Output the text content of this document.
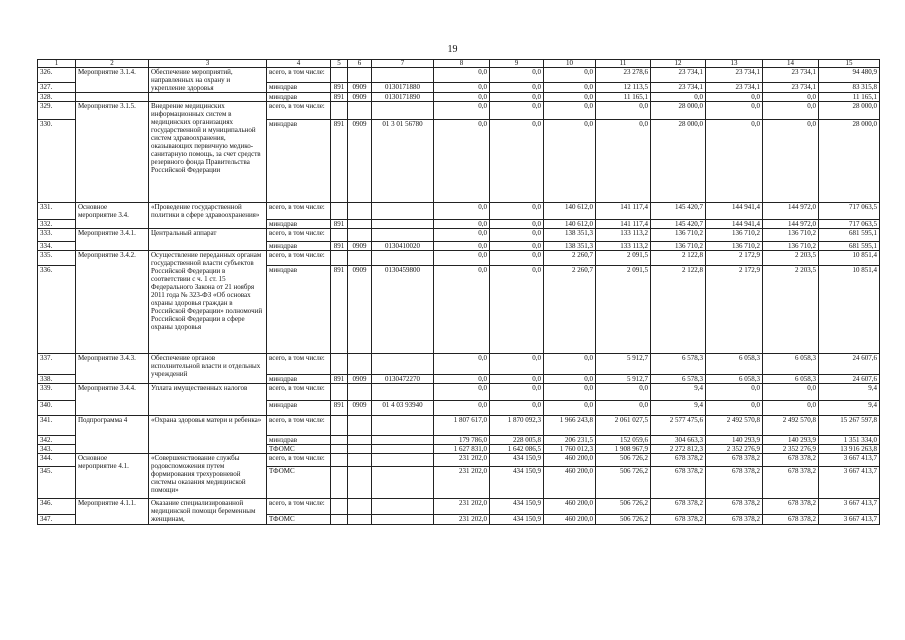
19
1	2	3	4	5	6	7	8	9	10	11	12	13	14	15
326.	Мероприятие 3.1.4.	Обеспечение мероприятий, направленных на охрану и укрепление здоровья	всего, в том числе:				0,0	0,0	0,0	23 278,6	23 734,1	23 734,1	23 734,1	94 480,9
327.			минздрав	891	0909	0130171880	0,0	0,0	0,0	12 113,5	23 734,1	23 734,1	23 734,1	83 315,8
328.			минздрав	891	0909	0130171890	0,0	0,0	0,0	11 165,1	0,0	0,0	0,0	11 165,1
329.	Мероприятие 3.1.5.	Внедрение медицинских информационных систем в медицинских организациях государственной и муниципальной систем здравоохранения, оказывающих первичную медико-санитарную помощь, за счет средств резервного фонда Правительства Российской Федерации	всего, в том числе:				0,0	0,0	0,0	0,0	28 000,0	0,0	0,0	28 000,0
330.			минздрав	891	0909	01 3 01 56780	0,0	0,0	0,0	0,0	28 000,0	0,0	0,0	28 000,0
331.	Основное мероприятие 3.4.	«Проведение государственной политики в сфере здравоохранения»	всего, в том числе:				0,0	0,0	140 612,0	141 117,4	145 420,7	144 941,4	144 972,0	717 063,5
332.			минздрав	891			0,0	0,0	140 612,0	141 117,4	145 420,7	144 941,4	144 972,0	717 063,5
333.	Мероприятие 3.4.1.	Центральный аппарат	всего, в том числе:				0,0	0,0	138 351,3	133 113,2	136 710,2	136 710,2	136 710,2	681 595,1
334.			минздрав	891	0909	0130410020	0,0	0,0	138 351,3	133 113,2	136 710,2	136 710,2	136 710,2	681 595,1
335.	Мероприятие 3.4.2.	Осуществление переданных органам государственной власти субъектов Российской Федерации в соответствии с ч. 1 ст. 15 Федерального Закона от 21 ноября 2011 года № 323-ФЗ «Об основах охраны здоровья граждан в Российской Федерации» полномочий Российской Федерации в сфере охраны здоровья	всего, в том числе:				0,0	0,0	2 260,7	2 091,5	2 122,8	2 172,9	2 203,5	10 851,4
336.			минздрав	891	0909	0130459800	0,0	0,0	2 260,7	2 091,5	2 122,8	2 172,9	2 203,5	10 851,4
337.	Мероприятие 3.4.3.	Обеспечение органов исполнительной власти и отдельных учреждений	всего, в том числе:				0,0	0,0	0,0	5 912,7	6 578,3	6 058,3	6 058,3	24 607,6
338.			минздрав	891	0909	0130472270	0,0	0,0	0,0	5 912,7	6 578,3	6 058,3	6 058,3	24 607,6
339.	Мероприятие 3.4.4.	Уплата имущественных налогов	всего, в том числе:				0,0	0,0	0,0	0,0	9,4	0,0	0,0	9,4
340.			минздрав	891	0909	01 4 03 93940	0,0	0,0	0,0	0,0	9,4	0,0	0,0	9,4
341.	Подпрограмма 4	«Охрана здоровья матери и ребенка»	всего, в том числе:				1 807 617,0	1 870 092,3	1 966 243,8	2 061 027,5	2 577 475,6	2 492 570,8	2 492 570,8	15 267 597,8
342.			минздрав				179 786,0	228 005,8	206 231,5	152 059,6	304 663,3	140 293,9	140 293,9	1 351 334,0
343.			ТФОМС				1 627 831,0	1 642 086,5	1 760 012,3	1 908 967,9	2 272 812,3	2 352 276,9	2 352 276,9	13 916 263,8
344.	Основное мероприятие 4.1.	«Совершенствование службы родовспоможения путем формирования трехуровневой системы оказания медицинской помощи»	всего, в том числе:				231 202,0	434 150,9	460 200,0	506 726,2	678 378,2	678 378,2	678 378,2	3 667 413,7
345.			ТФОМС				231 202,0	434 150,9	460 200,0	506 726,2	678 378,2	678 378,2	678 378,2	3 667 413,7
346.	Мероприятие 4.1.1.	Оказание специализированной медицинской помощи беременным женщинам,	всего, в том числе:				231 202,0	434 150,9	460 200,0	506 726,2	678 378,2	678 378,2	678 378,2	3 667 413,7
347.			ТФОМС				231 202,0	434 150,9	460 200,0	506 726,2	678 378,2	678 378,2	678 378,2	3 667 413,7
